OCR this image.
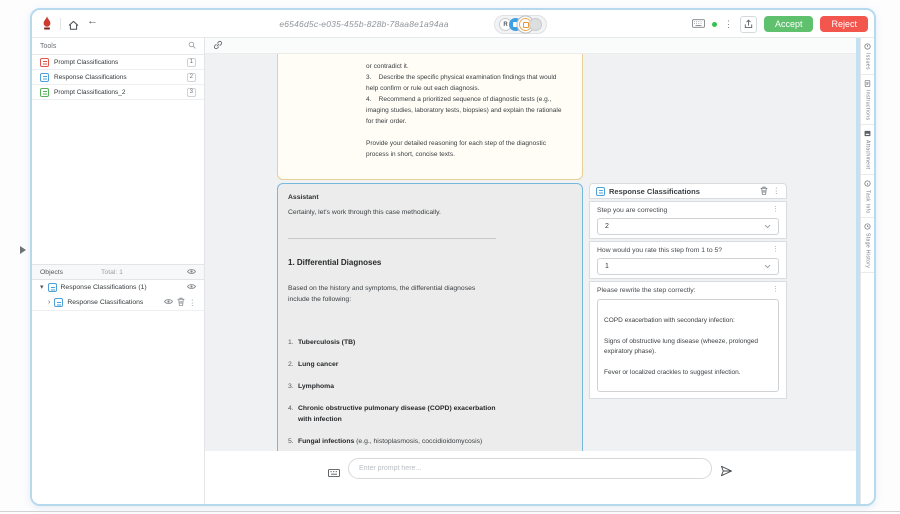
←	e6546d5c-e035-455b-828b-78aa8e1a94aa	R	⋮	Accept	Reject
Tools
Prompt Classifications	1
Response Classifications	2
Prompt Classifications_2	3
Objects	Total: 1
▾	Response Classifications (1)
›	Response Classifications	⋮

or contradict it.

3.    Describe the specific physical examination findings that would help confirm or rule out each diagnosis.

4.    Recommend a prioritized sequence of diagnostic tests (e.g., imaging studies, laboratory tests, biopsies) and explain the rationale for their order.

Provide your detailed reasoning for each step of the diagnostic process in short, concise texts.

Assistant
Certainly, let's work through this case methodically.
1. Differential Diagnoses
Based on the history and symptoms, the differential diagnoses include the following:
1. Tuberculosis (TB)
2. Lung cancer
3. Lymphoma
4. Chronic obstructive pulmonary disease (COPD) exacerbation with infection
5. Fungal infections (e.g., histoplasmosis, coccidioidomycosis)
Response Classifications	⋮
Step you are correcting	⋮
2
How would you rate this step from 1 to 5?	⋮
1
Please rewrite the step correctly:	⋮
COPD exacerbation with secondary infection: Signs of obstructive lung disease (wheeze, prolonged expiratory phase). Fever or localized crackles to suggest infection.
Enter prompt here...
Issues
Instructions
Attachment
Task Info
Stage History
